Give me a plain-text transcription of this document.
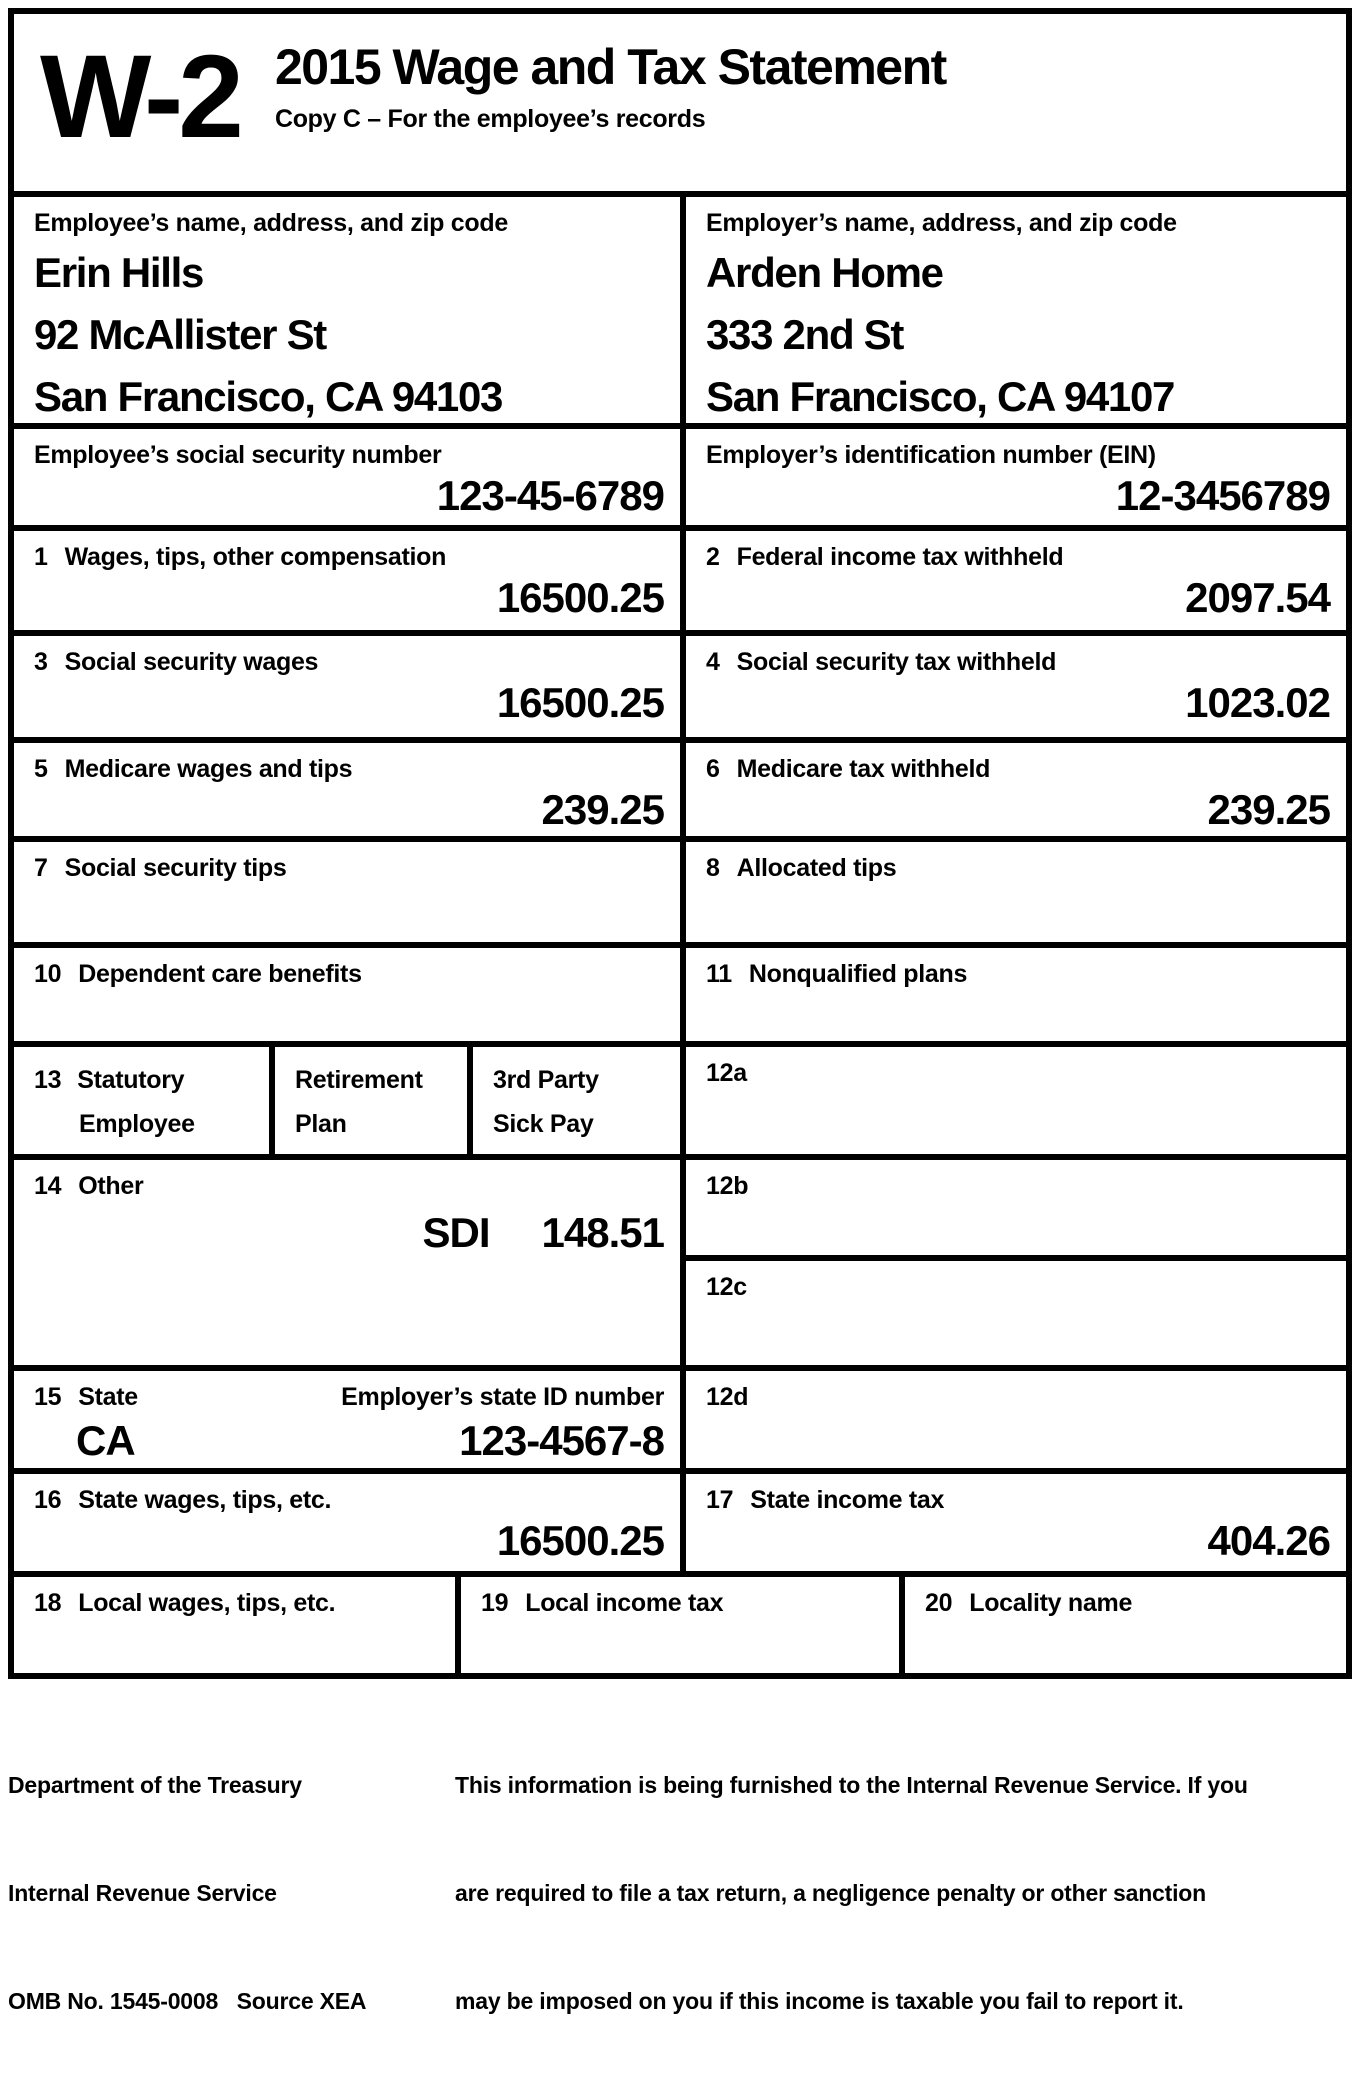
W-2 2015 Wage and Tax Statement
Copy C – For the employee’s records
Employee’s name, address, and zip code
Erin Hills
92 McAllister St
San Francisco, CA 94103
Employer’s name, address, and zip code
Arden Home
333 2nd St
San Francisco, CA 94107
Employee’s social security number
123-45-6789
Employer’s identification number (EIN)
12-3456789
1 Wages, tips, other compensation
16500.25
2 Federal income tax withheld
2097.54
3 Social security wages
16500.25
4 Social security tax withheld
1023.02
5 Medicare wages and tips
239.25
6 Medicare tax withheld
239.25
7 Social security tips	8 Allocated tips
10 Dependent care benefits	11 Nonqualified plans
13 Statutory
Employee
Retirement
Plan
3rd Party
Sick Pay
12a
14 Other
SDI 148.51
12b
12c
15 State	Employer’s state ID number
CA	123-4567-8
12d
16 State wages, tips, etc.
16500.25
17 State income tax
404.26
18 Local wages, tips, etc.	19 Local income tax	20 Locality name

Department of the Treasury

Internal Revenue Service

OMB No. 1545-0008   Source XEA

This information is being furnished to the Internal Revenue Service. If you

are required to file a tax return, a negligence penalty or other sanction

may be imposed on you if this income is taxable you fail to report it.
